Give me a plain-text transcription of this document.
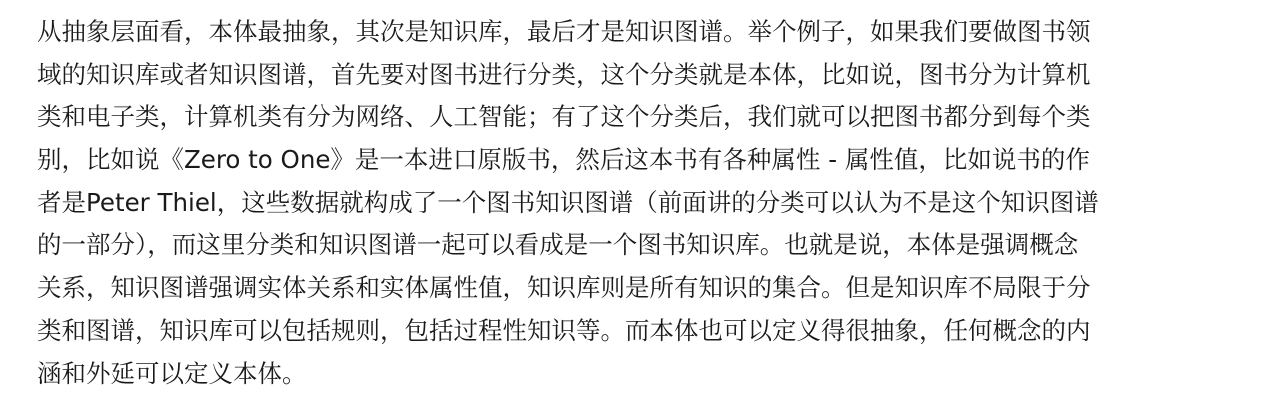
从抽象层面看，本体最抽象，其次是知识库，最后才是知识图谱。举个例子，如果我们要做图书领
域的知识库或者知识图谱，首先要对图书进行分类，这个分类就是本体，比如说，图书分为计算机
类和电子类，计算机类有分为网络、人工智能；有了这个分类后，我们就可以把图书都分到每个类
别，比如说《Zero to One》是一本进口原版书，然后这本书有各种属性 - 属性值，比如说书的作
者是Peter Thiel，这些数据就构成了一个图书知识图谱（前面讲的分类可以认为不是这个知识图谱
的一部分），而这里分类和知识图谱一起可以看成是一个图书知识库。也就是说，本体是强调概念
关系，知识图谱强调实体关系和实体属性值，知识库则是所有知识的集合。但是知识库不局限于分
类和图谱，知识库可以包括规则，包括过程性知识等。而本体也可以定义得很抽象，任何概念的内
涵和外延可以定义本体。
